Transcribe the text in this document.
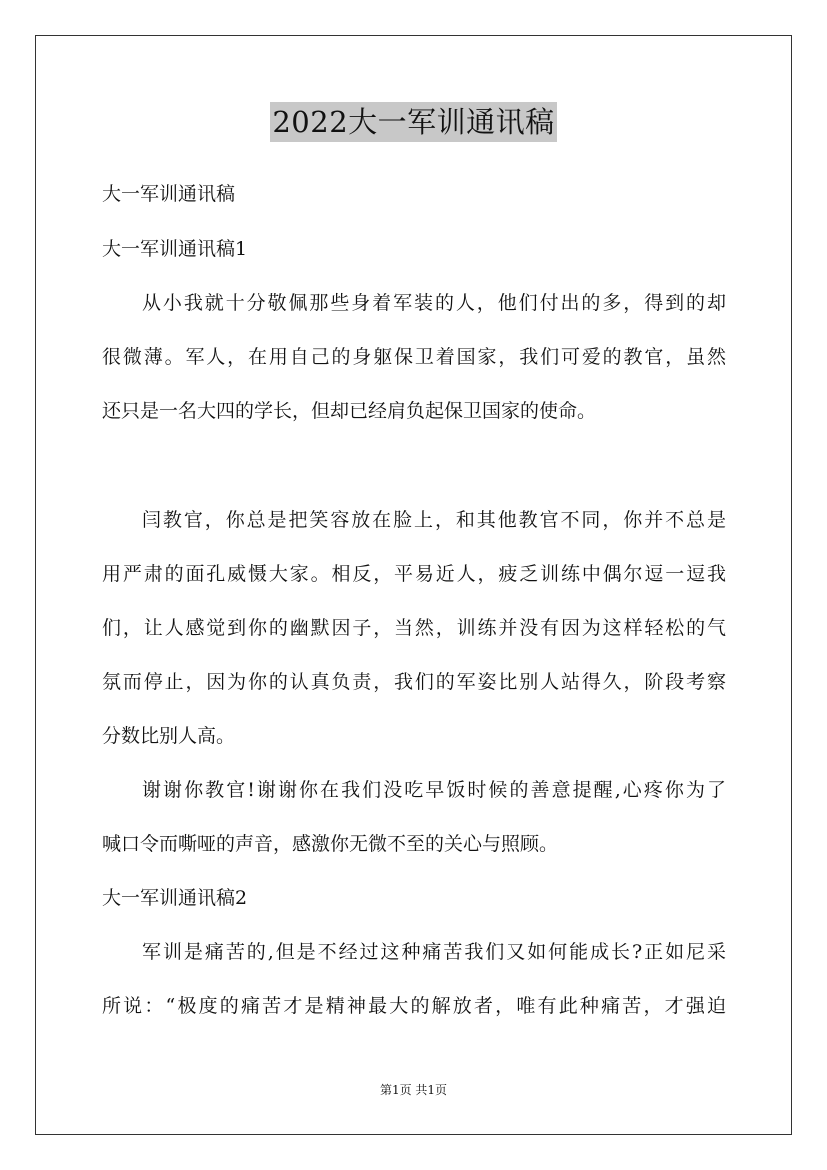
2022大一军训通讯稿
大一军训通讯稿
大一军训通讯稿1
从小我就十分敬佩那些身着军装的人，他们付出的多，得到的却
很微薄。军人，在用自己的身躯保卫着国家，我们可爱的教官，虽然
还只是一名大四的学长，但却已经肩负起保卫国家的使命。
闫教官，你总是把笑容放在脸上，和其他教官不同，你并不总是
用严肃的面孔威慑大家。相反，平易近人，疲乏训练中偶尔逗一逗我
们，让人感觉到你的幽默因子，当然，训练并没有因为这样轻松的气
氛而停止，因为你的认真负责，我们的军姿比别人站得久，阶段考察
分数比别人高。
谢谢你教官!谢谢你在我们没吃早饭时候的善意提醒,心疼你为了
喊口令而嘶哑的声音，感激你无微不至的关心与照顾。
大一军训通讯稿2
军训是痛苦的,但是不经过这种痛苦我们又如何能成长?正如尼采
所说：“极度的痛苦才是精神最大的解放者，唯有此种痛苦，才强迫
第1页 共1页
